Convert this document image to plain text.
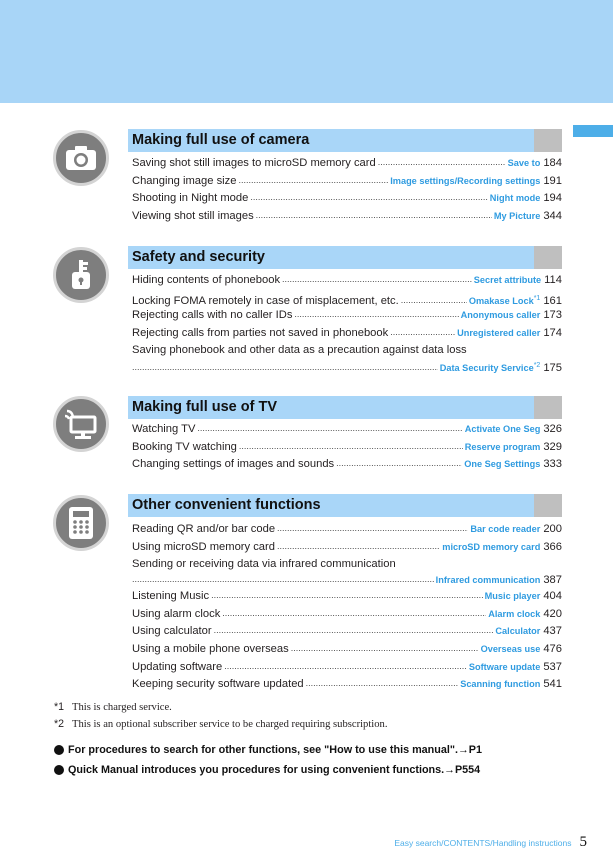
Making full use of camera
Saving shot still images to microSD memory card .....	Save to 184
Changing image size .....	Image settings/Recording settings 191
Shooting in Night mode .....	Night mode 194
Viewing shot still images .....	My Picture 344
Safety and security
Hiding contents of phonebook .....	Secret attribute 114
Locking FOMA remotely in case of misplacement, etc. .....	Omakase Lock$^{*1}$ 161
Rejecting calls with no caller IDs .....	Anonymous caller 173
Rejecting calls from parties not saved in phonebook .....	Unregistered caller 174
Saving phonebook and other data as a precaution against data loss
.....
Data Security Service$^{*2}$ 175
Making full use of TV
Watching TV .....	Activate One Seg 326
Booking TV watching .....	Reserve program 329
Changing settings of images and sounds .....	One Seg Settings 333
Other convenient functions
Reading QR and/or bar code .....	Bar code reader 200
Using microSD memory card .....	microSD memory card 366
Sending or receiving data via infrared communication
.....
Infrared communication 387
Listening Music .....	Music player 404
Using alarm clock .....	Alarm clock 420
Using calculator .....	Calculator 437
Using a mobile phone overseas .....	Overseas use 476
Updating software .....	Software update 537
Keeping security software updated .....	Scanning function 541
*1 This is charged service.
*2 This is an optional subscriber service to be charged requiring subscription.
For procedures to search for other functions, see "How to use this manual".→P1
Quick Manual introduces you procedures for using convenient functions.→P554
Easy search/CONTENTS/Handling instructions 5
